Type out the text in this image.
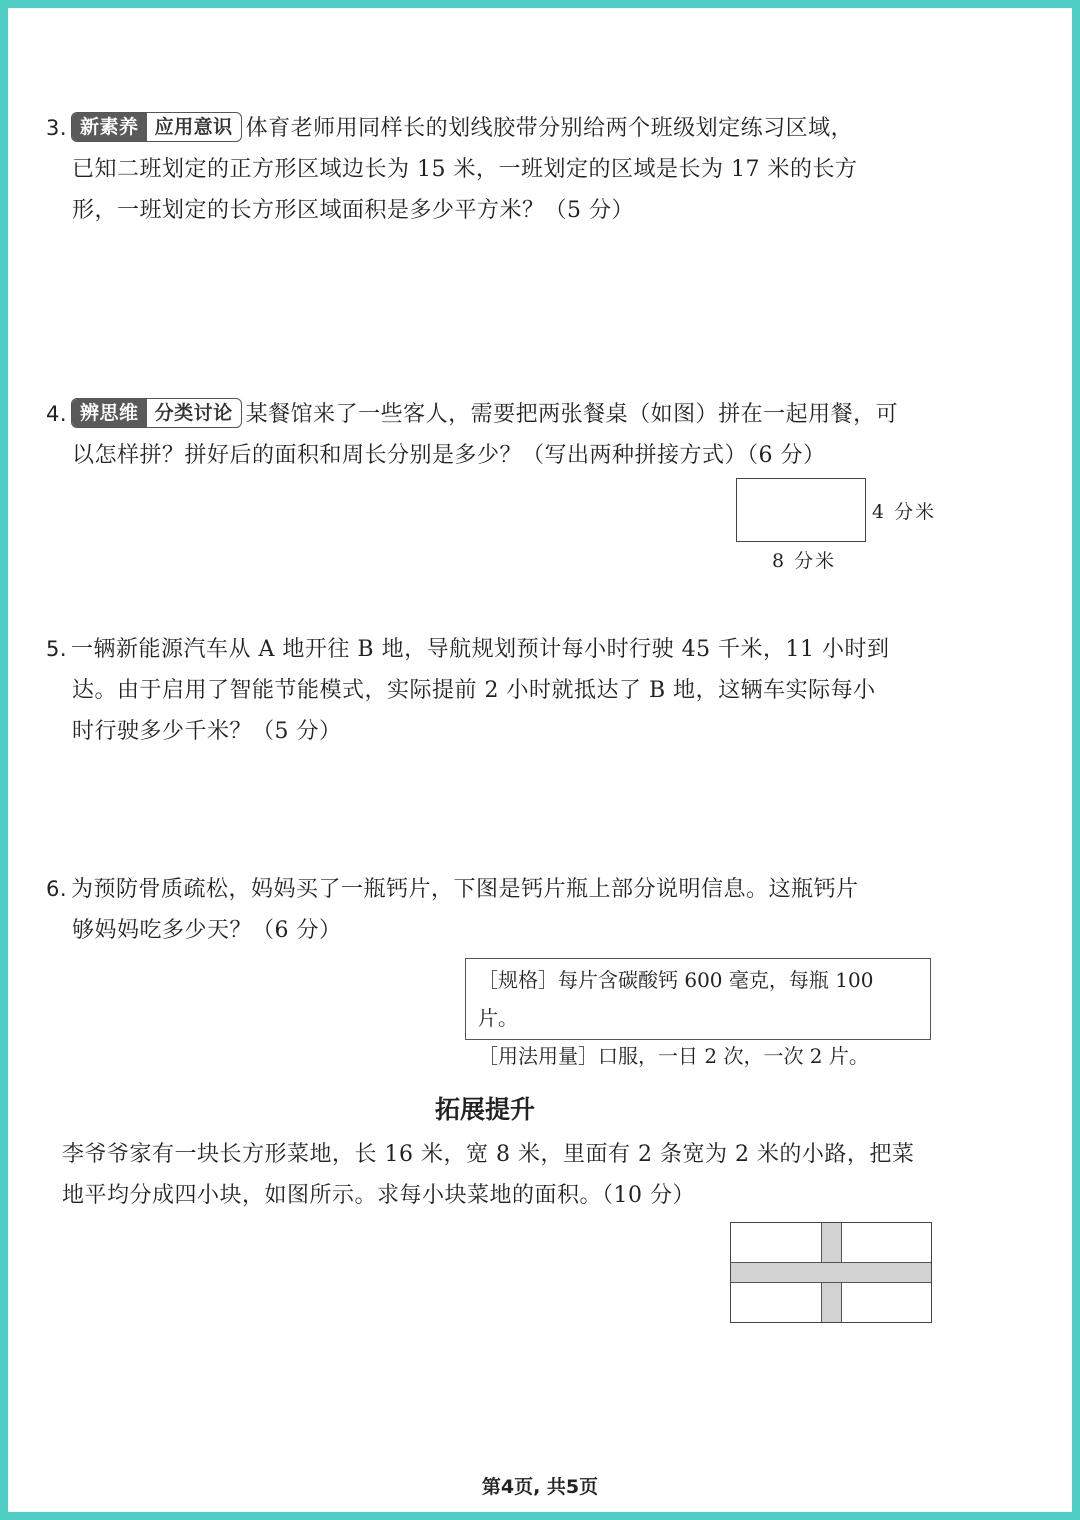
3. 新素养 应用意识 体育老师用同样长的划线胶带分别给两个班级划定练习区域，
已知二班划定的正方形区域边长为 15 米，一班划定的区域是长为 17 米的长方
形，一班划定的长方形区域面积是多少平方米？（5 分）
4. 辨思维 分类讨论 某餐馆来了一些客人，需要把两张餐桌（如图）拼在一起用餐，可
以怎样拼？拼好后的面积和周长分别是多少？（写出两种拼接方式）（6 分）
4 分米
8 分米
5. 一辆新能源汽车从 A 地开往 B 地，导航规划预计每小时行驶 45 千米，11 小时到
达。由于启用了智能节能模式，实际提前 2 小时就抵达了 B 地，这辆车实际每小
时行驶多少千米？（5 分）
6. 为预防骨质疏松，妈妈买了一瓶钙片，下图是钙片瓶上部分说明信息。这瓶钙片
够妈妈吃多少天？（6 分）
［规格］每片含碳酸钙 600 毫克，每瓶 100 片。
［用法用量］口服，一日 2 次，一次 2 片。
拓展提升
李爷爷家有一块长方形菜地，长 16 米，宽 8 米，里面有 2 条宽为 2 米的小路，把菜
地平均分成四小块，如图所示。求每小块菜地的面积。（10 分）
第4页, 共5页
